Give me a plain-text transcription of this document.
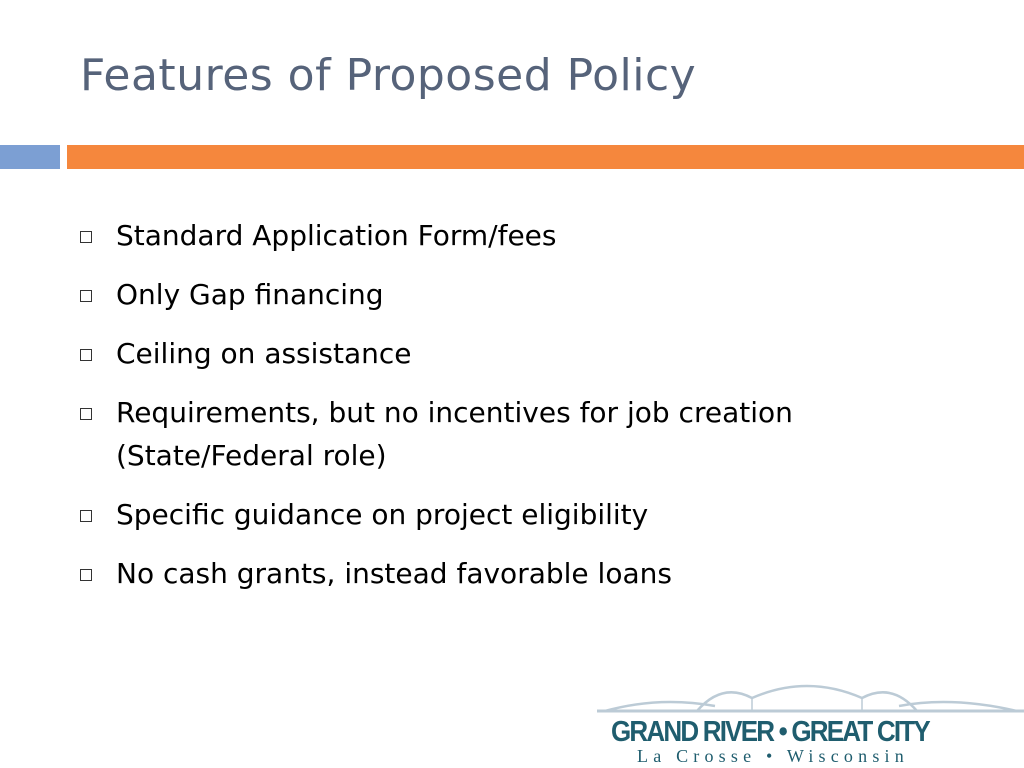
Features of Proposed Policy
Standard Application Form/fees
Only Gap financing
Ceiling on assistance
Requirements, but no incentives for job creation (State/Federal role)
Specific guidance on project eligibility
No cash grants, instead favorable loans
GRAND RIVER • GREAT CITY
La Crosse • Wisconsin
